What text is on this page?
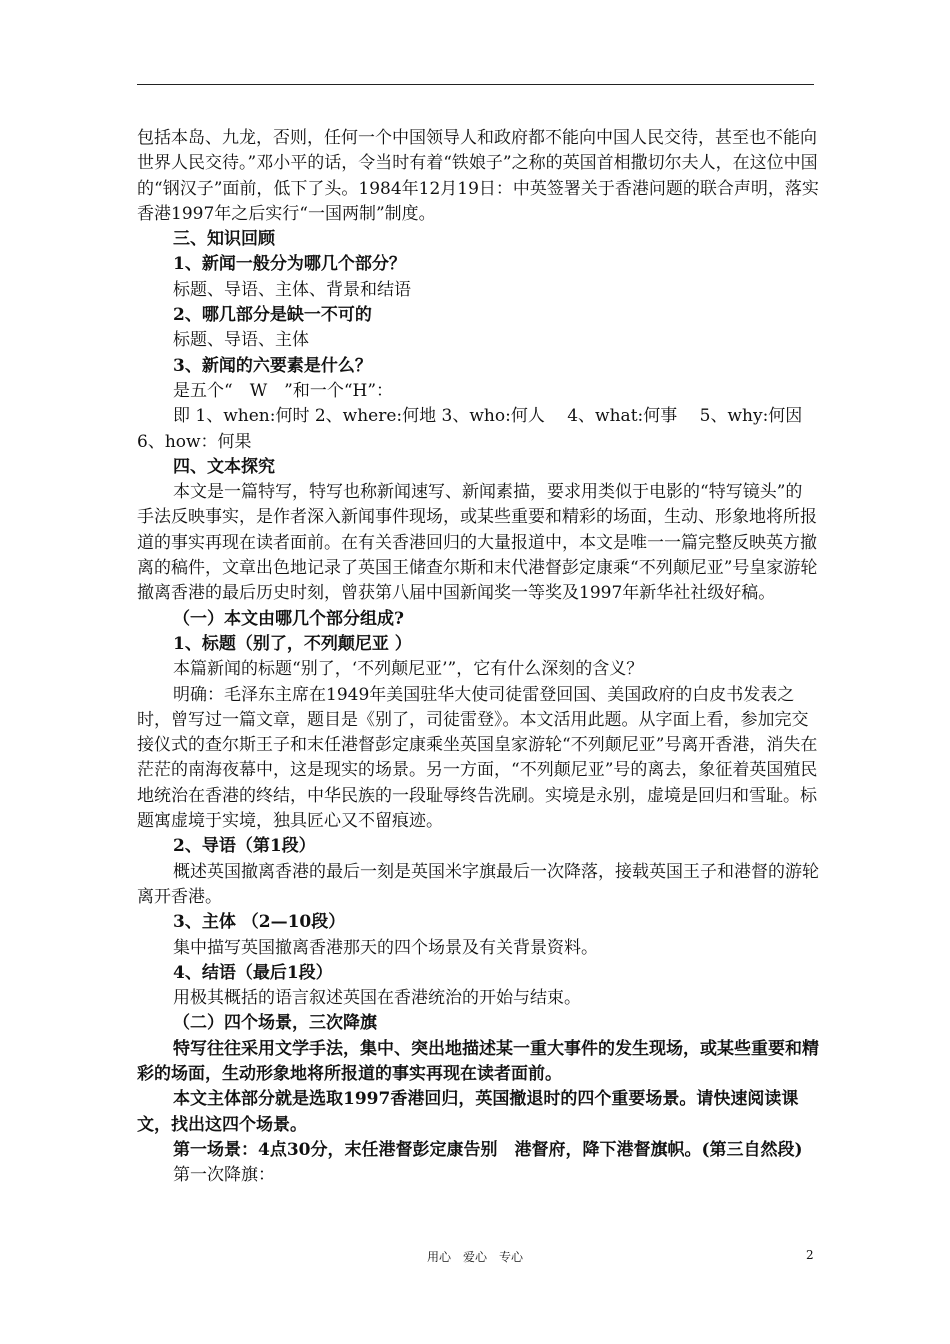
包括本岛、九龙，否则，任何一个中国领导人和政府都不能向中国人民交待，甚至也不能向世界人民交待。”邓小平的话，令当时有着“铁娘子”之称的英国首相撒切尔夫人，在这位中国的“钢汉子”面前，低下了头。1984年12月19日：中英签署关于香港问题的联合声明，落实香港1997年之后实行“一国两制”制度。

三、知识回顾

1、新闻一般分为哪几个部分？

标题、导语、主体、背景和结语

2、哪几部分是缺一不可的

标题、导语、主体

3、新闻的六要素是什么？

是五个“　W　”和一个“H”：

即 1、when:何时 2、where:何地 3、who:何人　 4、what:何事　 5、why:何因 6、how：何果

四、文本探究

本文是一篇特写，特写也称新闻速写、新闻素描，要求用类似于电影的“特写镜头”的手法反映事实，是作者深入新闻事件现场，或某些重要和精彩的场面，生动、形象地将所报道的事实再现在读者面前。在有关香港回归的大量报道中，本文是唯一一篇完整反映英方撤离的稿件，文章出色地记录了英国王储查尔斯和末代港督彭定康乘“不列颠尼亚”号皇家游轮撤离香港的最后历史时刻，曾获第八届中国新闻奖一等奖及1997年新华社社级好稿。

（一）本文由哪几个部分组成?

1、标题（别了，不列颠尼亚 ）

本篇新闻的标题“别了，‘不列颠尼亚’”，它有什么深刻的含义？

明确：毛泽东主席在1949年美国驻华大使司徒雷登回国、美国政府的白皮书发表之时，曾写过一篇文章，题目是《别了，司徒雷登》。本文活用此题。从字面上看，参加完交接仪式的查尔斯王子和末任港督彭定康乘坐英国皇家游轮“不列颠尼亚”号离开香港，消失在茫茫的南海夜幕中，这是现实的场景。另一方面，“不列颠尼亚”号的离去，象征着英国殖民地统治在香港的终结，中华民族的一段耻辱终告洗刷。实境是永别，虚境是回归和雪耻。标题寓虚境于实境，独具匠心又不留痕迹。

2、导语（第1段）

概述英国撤离香港的最后一刻是英国米字旗最后一次降落，接载英国王子和港督的游轮离开香港。

3、主体 （2—10段）

集中描写英国撤离香港那天的四个场景及有关背景资料。

4、结语（最后1段）

用极其概括的语言叙述英国在香港统治的开始与结束。

（二）四个场景，三次降旗

特写往往采用文学手法，集中、突出地描述某一重大事件的发生现场，或某些重要和精彩的场面，生动形象地将所报道的事实再现在读者面前。

本文主体部分就是选取1997香港回归，英国撤退时的四个重要场景。请快速阅读课文，找出这四个场景。

第一场景：4点30分，末任港督彭定康告别　港督府，降下港督旗帜。(第三自然段)

第一次降旗：

用心　爱心　专心	2
